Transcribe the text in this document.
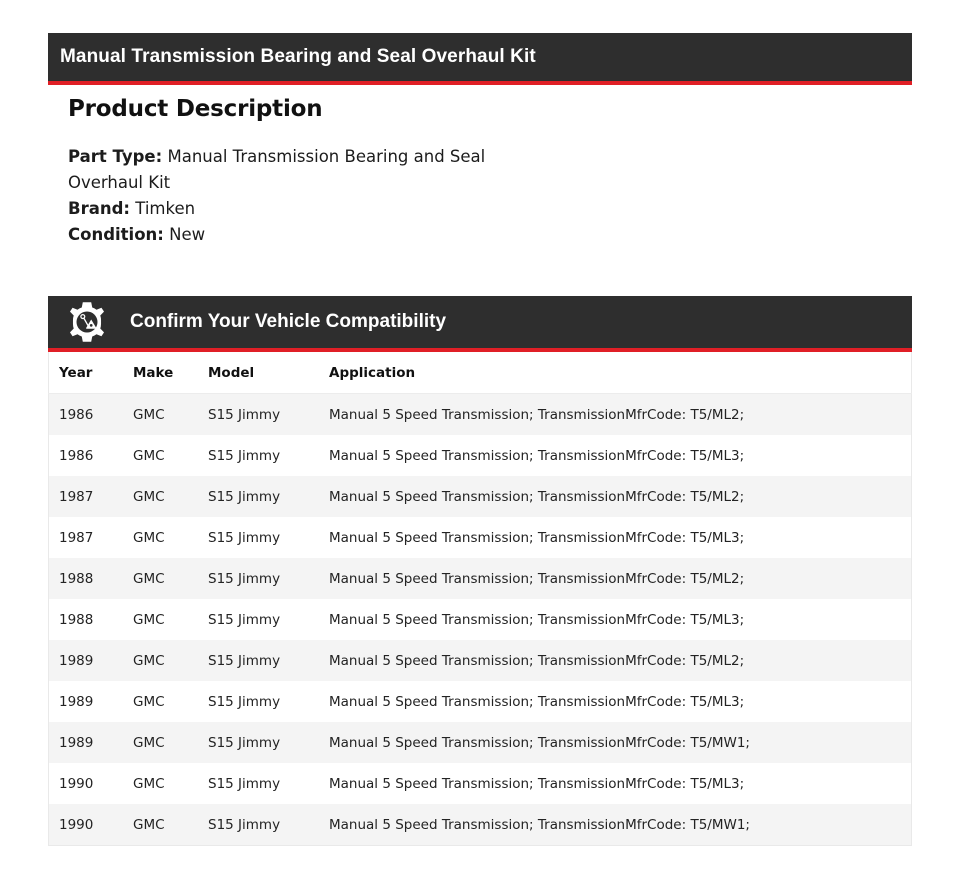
Manual Transmission Bearing and Seal Overhaul Kit
Product Description
Part Type: Manual Transmission Bearing and Seal Overhaul Kit
Brand: Timken
Condition: New
Confirm Your Vehicle Compatibility
Year	Make	Model	Application
1986	GMC	S15 Jimmy	Manual 5 Speed Transmission; TransmissionMfrCode: T5/ML2;
1986	GMC	S15 Jimmy	Manual 5 Speed Transmission; TransmissionMfrCode: T5/ML3;
1987	GMC	S15 Jimmy	Manual 5 Speed Transmission; TransmissionMfrCode: T5/ML2;
1987	GMC	S15 Jimmy	Manual 5 Speed Transmission; TransmissionMfrCode: T5/ML3;
1988	GMC	S15 Jimmy	Manual 5 Speed Transmission; TransmissionMfrCode: T5/ML2;
1988	GMC	S15 Jimmy	Manual 5 Speed Transmission; TransmissionMfrCode: T5/ML3;
1989	GMC	S15 Jimmy	Manual 5 Speed Transmission; TransmissionMfrCode: T5/ML2;
1989	GMC	S15 Jimmy	Manual 5 Speed Transmission; TransmissionMfrCode: T5/ML3;
1989	GMC	S15 Jimmy	Manual 5 Speed Transmission; TransmissionMfrCode: T5/MW1;
1990	GMC	S15 Jimmy	Manual 5 Speed Transmission; TransmissionMfrCode: T5/ML3;
1990	GMC	S15 Jimmy	Manual 5 Speed Transmission; TransmissionMfrCode: T5/MW1;
